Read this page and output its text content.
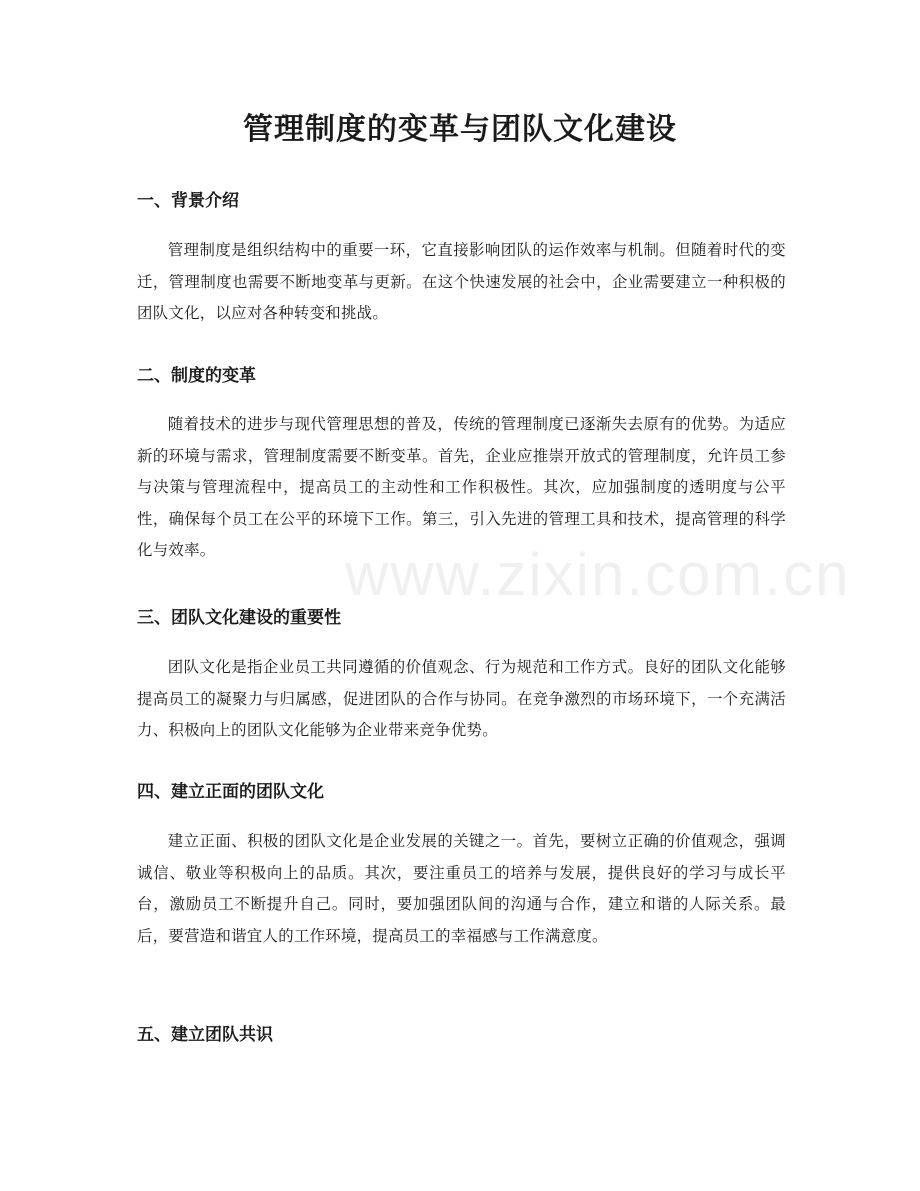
管理制度的变革与团队文化建设
一、背景介绍

管理制度是组织结构中的重要一环，它直接影响团队的运作效率与机制。但随着时代的变迁，管理制度也需要不断地变革与更新。在这个快速发展的社会中，企业需要建立一种积极的团队文化，以应对各种转变和挑战。

二、制度的变革

随着技术的进步与现代管理思想的普及，传统的管理制度已逐渐失去原有的优势。为适应新的环境与需求，管理制度需要不断变革。首先，企业应推崇开放式的管理制度，允许员工参与决策与管理流程中，提高员工的主动性和工作积极性。其次，应加强制度的透明度与公平性，确保每个员工在公平的环境下工作。第三，引入先进的管理工具和技术，提高管理的科学化与效率。

三、团队文化建设的重要性

团队文化是指企业员工共同遵循的价值观念、行为规范和工作方式。良好的团队文化能够提高员工的凝聚力与归属感，促进团队的合作与协同。在竞争激烈的市场环境下，一个充满活力、积极向上的团队文化能够为企业带来竞争优势。

四、建立正面的团队文化

建立正面、积极的团队文化是企业发展的关键之一。首先，要树立正确的价值观念，强调诚信、敬业等积极向上的品质。其次，要注重员工的培养与发展，提供良好的学习与成长平台，激励员工不断提升自己。同时，要加强团队间的沟通与合作，建立和谐的人际关系。最后，要营造和谐宜人的工作环境，提高员工的幸福感与工作满意度。

五、建立团队共识
www.zixin.com.cn
